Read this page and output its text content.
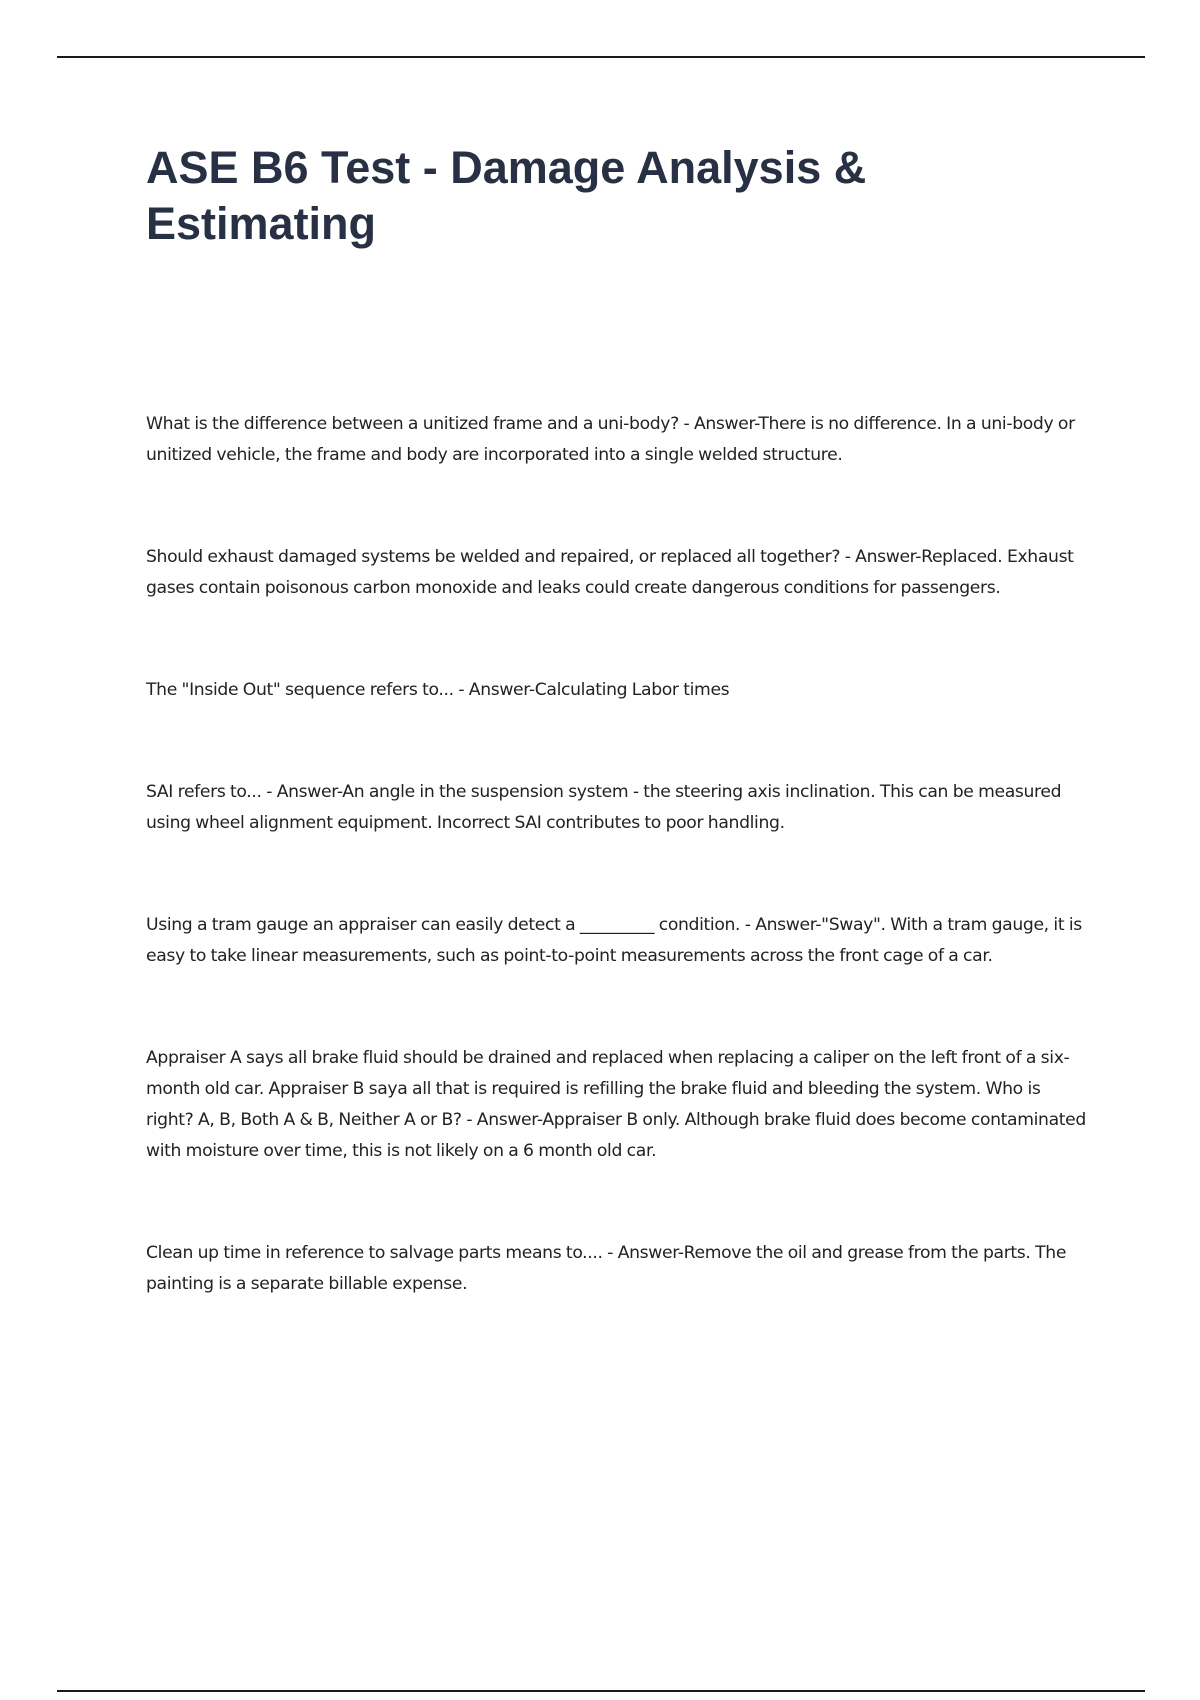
ASE B6 Test - Damage Analysis & Estimating

What is the difference between a unitized frame and a uni-body? - Answer-There is no difference. In a uni-body or unitized vehicle, the frame and body are incorporated into a single welded structure.

Should exhaust damaged systems be welded and repaired, or replaced all together? - Answer-Replaced. Exhaust gases contain poisonous carbon monoxide and leaks could create dangerous conditions for passengers.

The "Inside Out" sequence refers to... - Answer-Calculating Labor times

SAI refers to... - Answer-An angle in the suspension system - the steering axis inclination. This can be measured using wheel alignment equipment. Incorrect SAI contributes to poor handling.

Using a tram gauge an appraiser can easily detect a _________ condition. - Answer-"Sway". With a tram gauge, it is easy to take linear measurements, such as point-to-point measurements across the front cage of a car.

Appraiser A says all brake fluid should be drained and replaced when replacing a caliper on the left front of a six-month old car. Appraiser B saya all that is required is refilling the brake fluid and bleeding the system. Who is right? A, B, Both A & B, Neither A or B? - Answer-Appraiser B only. Although brake fluid does become contaminated with moisture over time, this is not likely on a 6 month old car.

Clean up time in reference to salvage parts means to.... - Answer-Remove the oil and grease from the parts. The painting is a separate billable expense.
